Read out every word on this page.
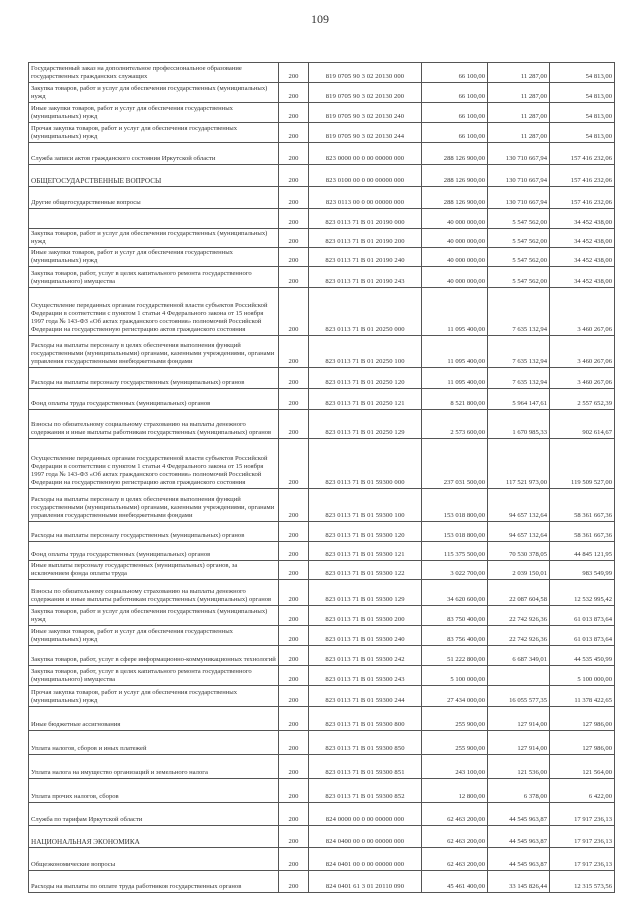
109
Государственный заказ на дополнительное профессиональное образование государственных гражданских служащих	200	819 0705 90 3 02 20130 000	66 100,00	11 287,00	54 813,00
Закупка товаров, работ и услуг для обеспечения государственных (муниципальных) нужд	200	819 0705 90 3 02 20130 200	66 100,00	11 287,00	54 813,00
Иные закупки товаров, работ и услуг для обеспечения государственных (муниципальных) нужд	200	819 0705 90 3 02 20130 240	66 100,00	11 287,00	54 813,00
Прочая закупка товаров, работ и услуг для обеспечения государственных (муниципальных) нужд	200	819 0705 90 3 02 20130 244	66 100,00	11 287,00	54 813,00
Служба записи актов гражданского состояния Иркутской области	200	823 0000 00 0 00 00000 000	288 126 900,00	130 710 667,94	157 416 232,06
ОБЩЕГОСУДАРСТВЕННЫЕ ВОПРОСЫ	200	823 0100 00 0 00 00000 000	288 126 900,00	130 710 667,94	157 416 232,06
Другие общегосударственные вопросы	200	823 0113 00 0 00 00000 000	288 126 900,00	130 710 667,94	157 416 232,06
	200	823 0113 71 В 01 20190 000	40 000 000,00	5 547 562,00	34 452 438,00
Закупка товаров, работ и услуг для обеспечения государственных (муниципальных) нужд	200	823 0113 71 В 01 20190 200	40 000 000,00	5 547 562,00	34 452 438,00
Иные закупки товаров, работ и услуг для обеспечения государственных (муниципальных) нужд	200	823 0113 71 В 01 20190 240	40 000 000,00	5 547 562,00	34 452 438,00
Закупка товаров, работ, услуг в целях капитального ремонта государственного (муниципального) имущества	200	823 0113 71 В 01 20190 243	40 000 000,00	5 547 562,00	34 452 438,00
Осуществление переданных органам государственной власти субъектов Российской Федерации в соответствии с пунктом 1 статьи 4 Федерального закона от 15 ноября 1997 года № 143-ФЗ «Об актах гражданского состояния» полномочий Российской Федерации на государственную регистрацию актов гражданского состояния	200	823 0113 71 В 01 20250 000	11 095 400,00	7 635 132,94	3 460 267,06
Расходы на выплаты персоналу в целях обеспечения выполнения функций государственными (муниципальными) органами, казенными учреждениями, органами управления государственными внебюджетными фондами	200	823 0113 71 В 01 20250 100	11 095 400,00	7 635 132,94	3 460 267,06
Расходы на выплаты персоналу государственных (муниципальных) органов	200	823 0113 71 В 01 20250 120	11 095 400,00	7 635 132,94	3 460 267,06
Фонд оплаты труда государственных (муниципальных) органов	200	823 0113 71 В 01 20250 121	8 521 800,00	5 964 147,61	2 557 652,39
Взносы по обязательному социальному страхованию на выплаты денежного содержания и иные выплаты работникам государственных (муниципальных) органов	200	823 0113 71 В 01 20250 129	2 573 600,00	1 670 985,33	902 614,67
Осуществление переданных органам государственной власти субъектов Российской Федерации в соответствии с пунктом 1 статьи 4 Федерального закона от 15 ноября 1997 года № 143-ФЗ «Об актах гражданского состояния» полномочий Российской Федерации на государственную регистрацию актов гражданского состояния	200	823 0113 71 В 01 59300 000	237 031 500,00	117 521 973,00	119 509 527,00
Расходы на выплаты персоналу в целях обеспечения выполнения функций государственными (муниципальными) органами, казенными учреждениями, органами управления государственными внебюджетными фондами	200	823 0113 71 В 01 59300 100	153 018 800,00	94 657 132,64	58 361 667,36
Расходы на выплаты персоналу государственных (муниципальных) органов	200	823 0113 71 В 01 59300 120	153 018 800,00	94 657 132,64	58 361 667,36
Фонд оплаты труда государственных (муниципальных) органов	200	823 0113 71 В 01 59300 121	115 375 500,00	70 530 378,05	44 845 121,95
Иные выплаты персоналу государственных (муниципальных) органов, за исключением фонда оплаты труда	200	823 0113 71 В 01 59300 122	3 022 700,00	2 039 150,01	983 549,99
Взносы по обязательному социальному страхованию на выплаты денежного содержания и иные выплаты работникам государственных (муниципальных) органов	200	823 0113 71 В 01 59300 129	34 620 600,00	22 087 604,58	12 532 995,42
Закупка товаров, работ и услуг для обеспечения государственных (муниципальных) нужд	200	823 0113 71 В 01 59300 200	83 750 400,00	22 742 926,36	61 013 873,64
Иные закупки товаров, работ и услуг для обеспечения государственных (муниципальных) нужд	200	823 0113 71 В 01 59300 240	83 756 400,00	22 742 926,36	61 013 873,64
Закупка товаров, работ, услуг в сфере информационно-коммуникационных технологий	200	823 0113 71 В 01 59300 242	51 222 800,00	6 687 349,01	44 535 450,99
Закупка товаров, работ, услуг в целях капитального ремонта государственного (муниципального) имущества	200	823 0113 71 В 01 59300 243	5 100 000,00		5 100 000,00
Прочая закупка товаров, работ и услуг для обеспечения государственных (муниципальных) нужд	200	823 0113 71 В 01 59300 244	27 434 000,00	16 055 577,35	11 378 422,65
Иные бюджетные ассигнования	200	823 0113 71 В 01 59300 800	255 900,00	127 914,00	127 986,00
Уплата налогов, сборов и иных платежей	200	823 0113 71 В 01 59300 850	255 900,00	127 914,00	127 986,00
Уплата налога на имущество организаций и земельного налога	200	823 0113 71 В 01 59300 851	243 100,00	121 536,00	121 564,00
Уплата прочих налогов, сборов	200	823 0113 71 В 01 59300 852	12 800,00	6 378,00	6 422,00
Служба по тарифам Иркутской области	200	824 0000 00 0 00 00000 000	62 463 200,00	44 545 963,87	17 917 236,13
НАЦИОНАЛЬНАЯ ЭКОНОМИКА	200	824 0400 00 0 00 00000 000	62 463 200,00	44 545 963,87	17 917 236,13
Общеэкономические вопросы	200	824 0401 00 0 00 00000 000	62 463 200,00	44 545 963,87	17 917 236,13
Расходы на выплаты по оплате труда работников государственных органов	200	824 0401 61 3 01 20110 090	45 461 400,00	33 145 826,44	12 315 573,56
